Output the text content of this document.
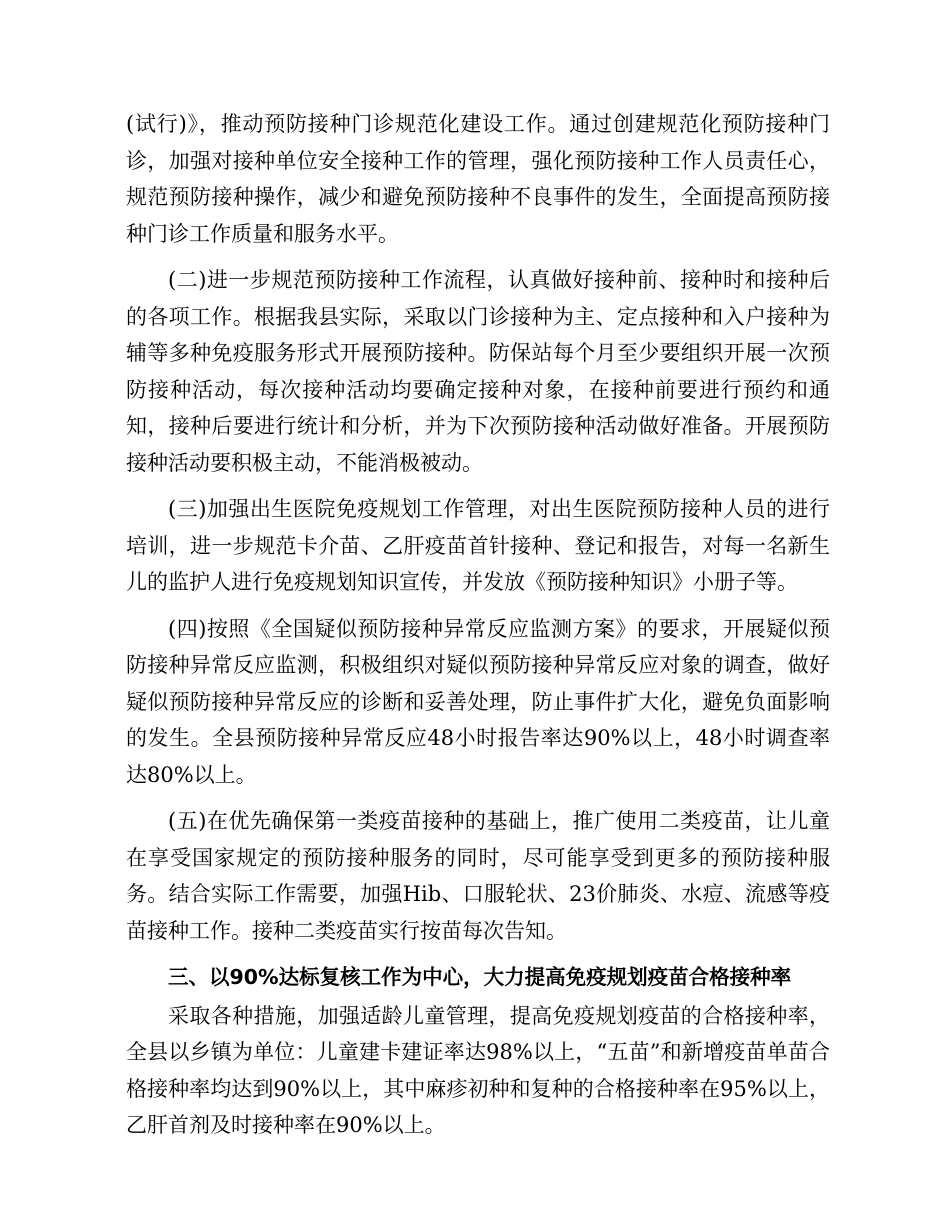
(试行)》，推动预防接种门诊规范化建设工作。通过创建规范化预防接种门诊，加强对接种单位安全接种工作的管理，强化预防接种工作人员责任心，规范预防接种操作，减少和避免预防接种不良事件的发生，全面提高预防接种门诊工作质量和服务水平。

(二)进一步规范预防接种工作流程，认真做好接种前、接种时和接种后的各项工作。根据我县实际，采取以门诊接种为主、定点接种和入户接种为辅等多种免疫服务形式开展预防接种。防保站每个月至少要组织开展一次预防接种活动，每次接种活动均要确定接种对象，在接种前要进行预约和通知，接种后要进行统计和分析，并为下次预防接种活动做好准备。开展预防接种活动要积极主动，不能消极被动。

(三)加强出生医院免疫规划工作管理，对出生医院预防接种人员的进行培训，进一步规范卡介苗、乙肝疫苗首针接种、登记和报告，对每一名新生儿的监护人进行免疫规划知识宣传，并发放《预防接种知识》小册子等。

(四)按照《全国疑似预防接种异常反应监测方案》的要求，开展疑似预防接种异常反应监测，积极组织对疑似预防接种异常反应对象的调查，做好疑似预防接种异常反应的诊断和妥善处理，防止事件扩大化，避免负面影响的发生。全县预防接种异常反应48小时报告率达90%以上，48小时调查率达80%以上。

(五)在优先确保第一类疫苗接种的基础上，推广使用二类疫苗，让儿童在享受国家规定的预防接种服务的同时，尽可能享受到更多的预防接种服务。结合实际工作需要，加强Hib、口服轮状、23价肺炎、水痘、流感等疫苗接种工作。接种二类疫苗实行按苗每次告知。

三、以90%达标复核工作为中心，大力提高免疫规划疫苗合格接种率

采取各种措施，加强适龄儿童管理，提高免疫规划疫苗的合格接种率，全县以乡镇为单位：儿童建卡建证率达98%以上，“五苗”和新增疫苗单苗合格接种率均达到90%以上，其中麻疹初种和复种的合格接种率在95%以上，乙肝首剂及时接种率在90%以上。
